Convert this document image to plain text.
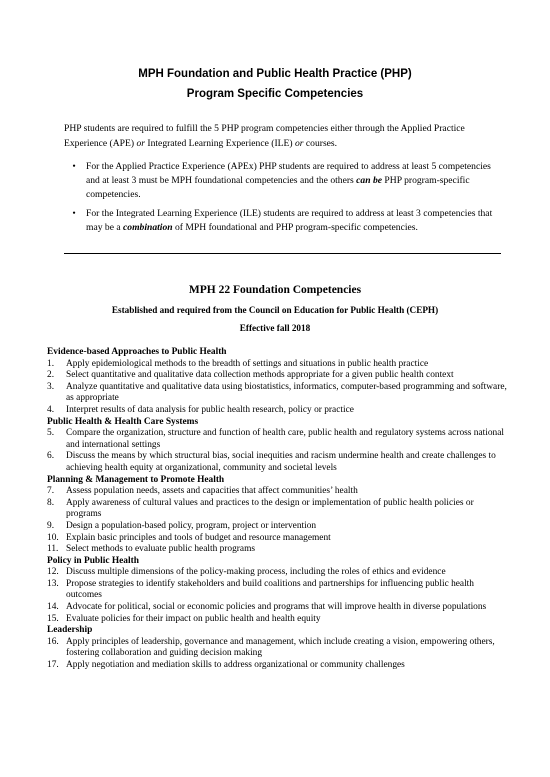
MPH Foundation and Public Health Practice (PHP)
Program Specific Competencies
PHP students are required to fulfill the 5 PHP program competencies either through the Applied Practice Experience (APE) or Integrated Learning Experience (ILE) or courses.
• For the Applied Practice Experience (APEx) PHP students are required to address at least 5 competencies and at least 3 must be MPH foundational competencies and the others can be PHP program-specific competencies.
• For the Integrated Learning Experience (ILE) students are required to address at least 3 competencies that may be a combination of MPH foundational and PHP program-specific competencies.
MPH 22 Foundation Competencies
Established and required from the Council on Education for Public Health (CEPH)
Effective fall 2018
Evidence-based Approaches to Public Health
1. Apply epidemiological methods to the breadth of settings and situations in public health practice
2. Select quantitative and qualitative data collection methods appropriate for a given public health context
3. Analyze quantitative and qualitative data using biostatistics, informatics, computer-based programming and software, as appropriate
4. Interpret results of data analysis for public health research, policy or practice
Public Health & Health Care Systems
5. Compare the organization, structure and function of health care, public health and regulatory systems across national and international settings
6. Discuss the means by which structural bias, social inequities and racism undermine health and create challenges to achieving health equity at organizational, community and societal levels
Planning & Management to Promote Health
7. Assess population needs, assets and capacities that affect communities’ health
8. Apply awareness of cultural values and practices to the design or implementation of public health policies or programs
9. Design a population-based policy, program, project or intervention
10. Explain basic principles and tools of budget and resource management
11. Select methods to evaluate public health programs
Policy in Public Health
12. Discuss multiple dimensions of the policy-making process, including the roles of ethics and evidence
13. Propose strategies to identify stakeholders and build coalitions and partnerships for influencing public health outcomes
14. Advocate for political, social or economic policies and programs that will improve health in diverse populations
15. Evaluate policies for their impact on public health and health equity
Leadership
16. Apply principles of leadership, governance and management, which include creating a vision, empowering others, fostering collaboration and guiding decision making
17. Apply negotiation and mediation skills to address organizational or community challenges
